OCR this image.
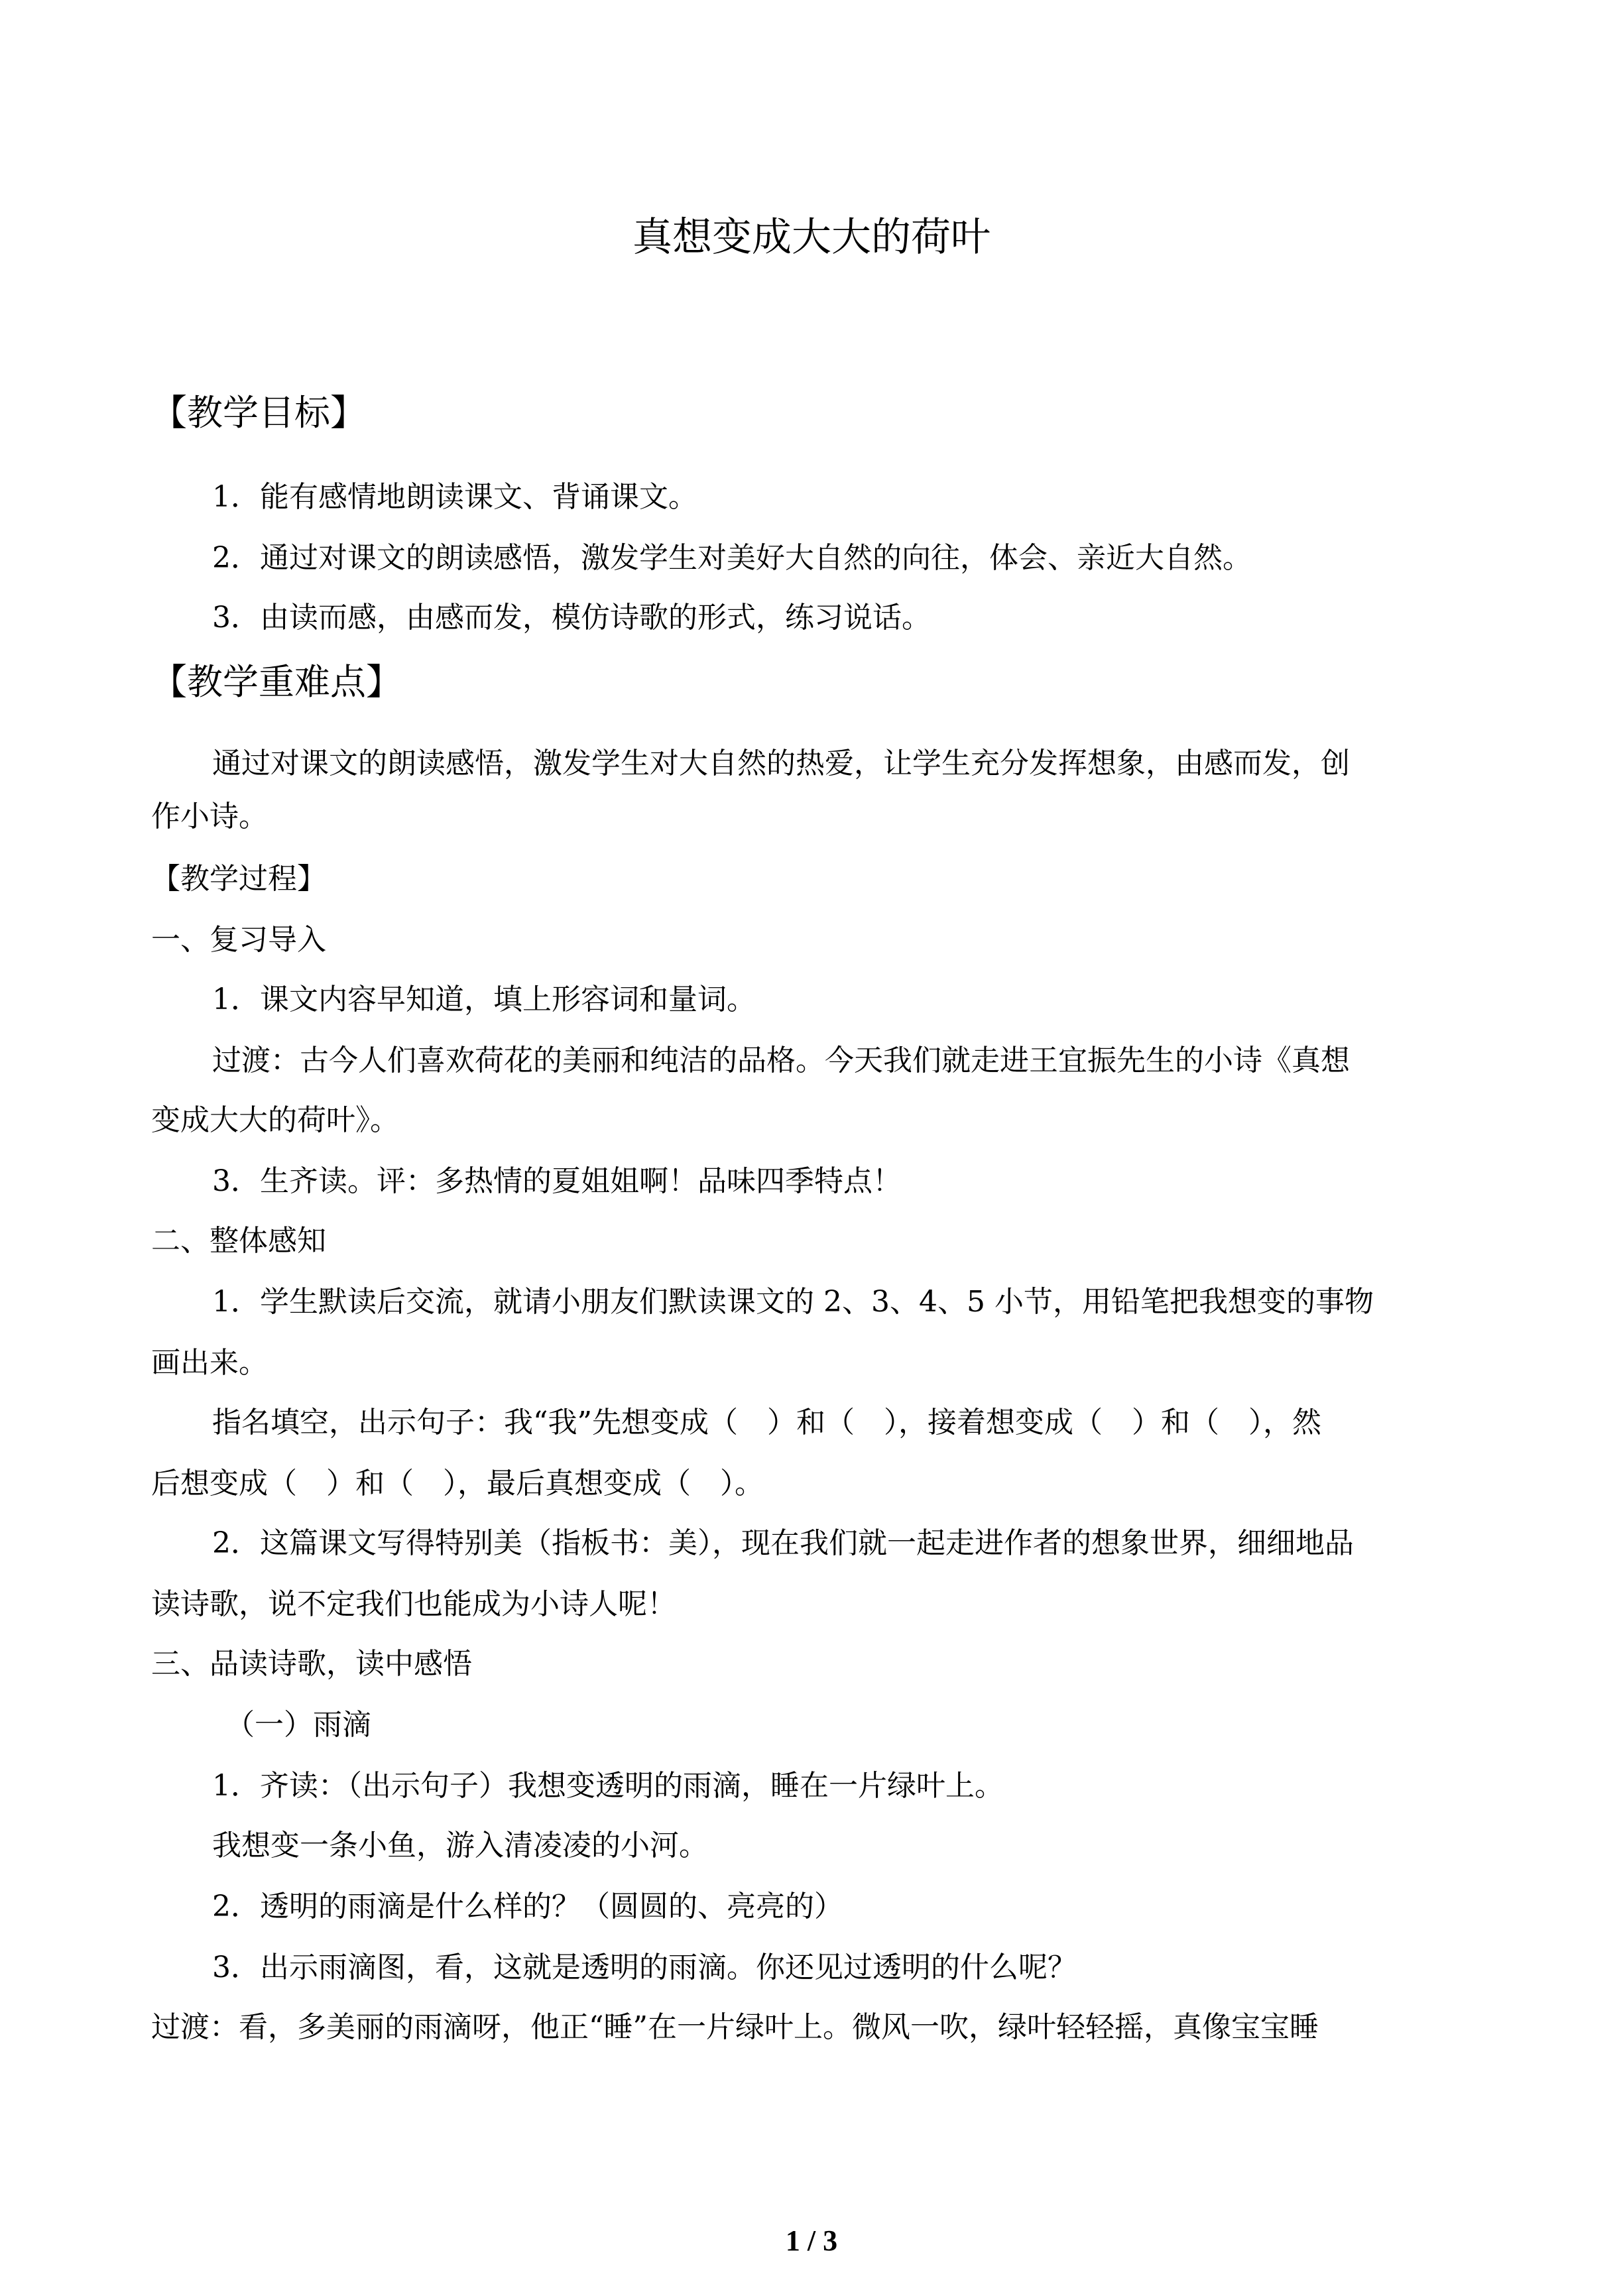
真想变成大大的荷叶

【教学目标】

1．能有感情地朗读课文、背诵课文。

2．通过对课文的朗读感悟，激发学生对美好大自然的向往，体会、亲近大自然。

3．由读而感，由感而发，模仿诗歌的形式，练习说话。

【教学重难点】

通过对课文的朗读感悟，激发学生对大自然的热爱，让学生充分发挥想象，由感而发，创

作小诗。

【教学过程】

一、复习导入

1．课文内容早知道，填上形容词和量词。

过渡：古今人们喜欢荷花的美丽和纯洁的品格。今天我们就走进王宜振先生的小诗《真想

变成大大的荷叶》。

3．生齐读。评：多热情的夏姐姐啊！品味四季特点！

二、整体感知

1．学生默读后交流，就请小朋友们默读课文的 2、3、4、5 小节，用铅笔把我想变的事物

画出来。

指名填空，出示句子：我“我”先想变成（　）和（　），接着想变成（　）和（　），然

后想变成（　）和（　），最后真想变成（　）。

2．这篇课文写得特别美（指板书：美），现在我们就一起走进作者的想象世界，细细地品

读诗歌，说不定我们也能成为小诗人呢！

三、品读诗歌，读中感悟

（一）雨滴

1．齐读：（出示句子）我想变透明的雨滴，睡在一片绿叶上。

我想变一条小鱼，游入清凌凌的小河。

2．透明的雨滴是什么样的？（圆圆的、亮亮的）

3．出示雨滴图，看，这就是透明的雨滴。你还见过透明的什么呢？

过渡：看，多美丽的雨滴呀，他正“睡”在一片绿叶上。微风一吹，绿叶轻轻摇，真像宝宝睡

1 / 3
